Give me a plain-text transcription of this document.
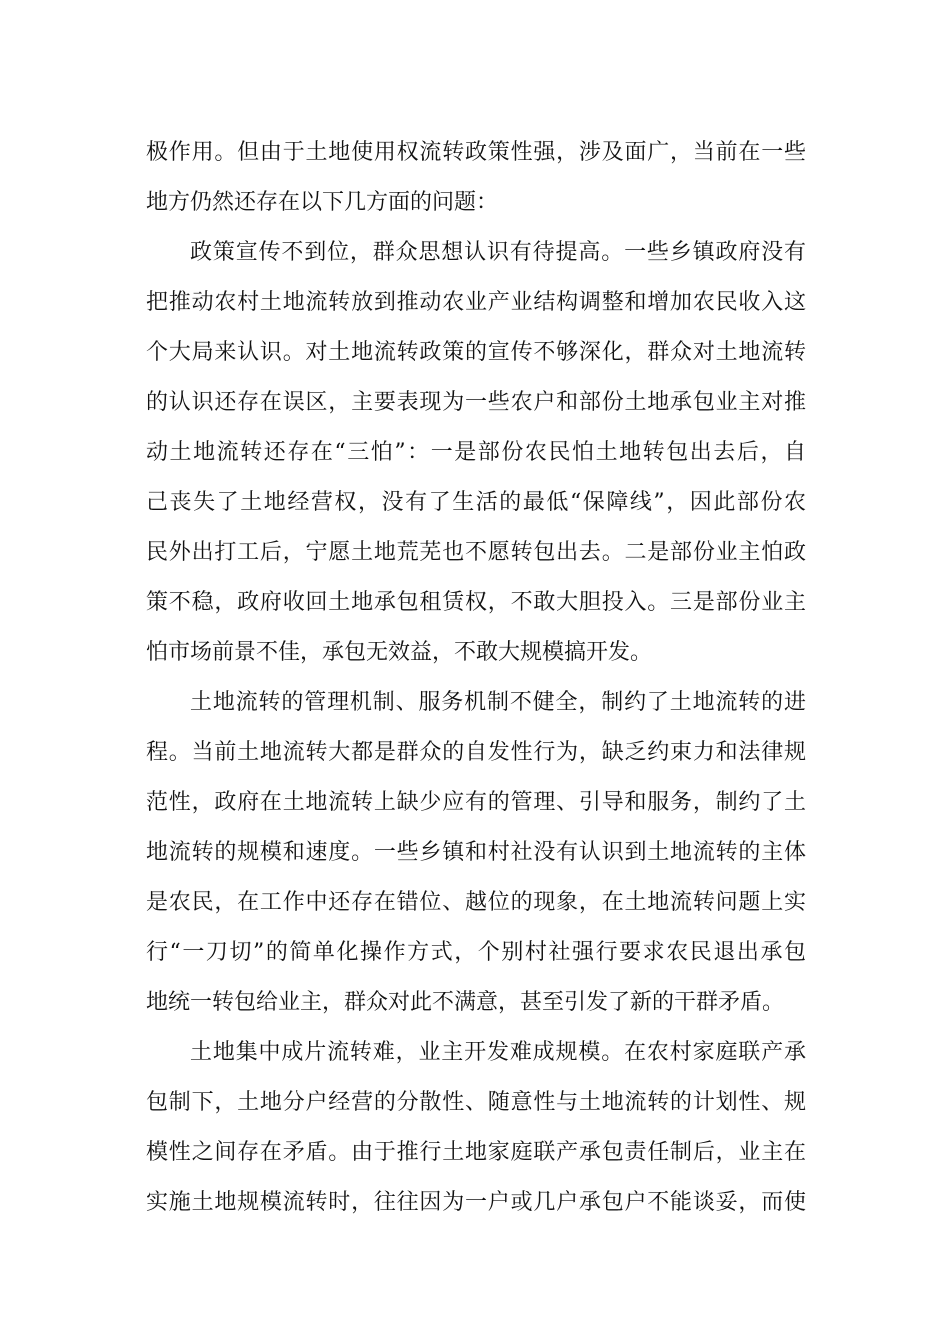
极作用。但由于土地使用权流转政策性强，涉及面广，当前在一些
地方仍然还存在以下几方面的问题：
政策宣传不到位，群众思想认识有待提高。一些乡镇政府没有
把推动农村土地流转放到推动农业产业结构调整和增加农民收入这
个大局来认识。对土地流转政策的宣传不够深化，群众对土地流转
的认识还存在误区，主要表现为一些农户和部份土地承包业主对推
动土地流转还存在“三怕”：一是部份农民怕土地转包出去后，自
己丧失了土地经营权，没有了生活的最低“保障线”，因此部份农
民外出打工后，宁愿土地荒芜也不愿转包出去。二是部份业主怕政
策不稳，政府收回土地承包租赁权，不敢大胆投入。三是部份业主
怕市场前景不佳，承包无效益，不敢大规模搞开发。
土地流转的管理机制、服务机制不健全，制约了土地流转的进
程。当前土地流转大都是群众的自发性行为，缺乏约束力和法律规
范性，政府在土地流转上缺少应有的管理、引导和服务，制约了土
地流转的规模和速度。一些乡镇和村社没有认识到土地流转的主体
是农民，在工作中还存在错位、越位的现象，在土地流转问题上实
行“一刀切”的简单化操作方式，个别村社强行要求农民退出承包
地统一转包给业主，群众对此不满意，甚至引发了新的干群矛盾。
土地集中成片流转难，业主开发难成规模。在农村家庭联产承
包制下，土地分户经营的分散性、随意性与土地流转的计划性、规
模性之间存在矛盾。由于推行土地家庭联产承包责任制后，业主在
实施土地规模流转时，往往因为一户或几户承包户不能谈妥，而使
